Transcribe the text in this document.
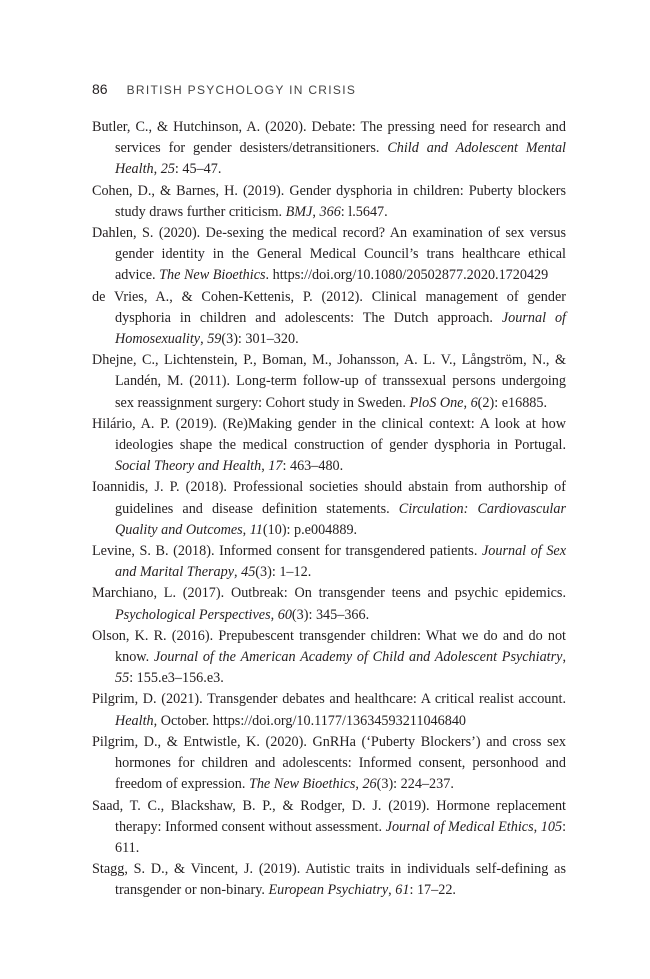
86 BRITISH PSYCHOLOGY IN CRISIS

Butler, C., & Hutchinson, A. (2020). Debate: The pressing need for research and services for gender desisters/detransitioners. Child and Adolescent Mental Health, 25: 45–47.

Cohen, D., & Barnes, H. (2019). Gender dysphoria in children: Puberty blockers study draws further criticism. BMJ, 366: l.5647.

Dahlen, S. (2020). De-sexing the medical record? An examination of sex versus gender identity in the General Medical Council’s trans healthcare ethical advice. The New Bioethics. https://doi.org/10.1080/20502877.2020.1720429

de Vries, A., & Cohen-Kettenis, P. (2012). Clinical management of gender dysphoria in children and adolescents: The Dutch approach. Journal of Homosexuality, 59(3): 301–320.

Dhejne, C., Lichtenstein, P., Boman, M., Johansson, A. L. V., Långström, N., & Landén, M. (2011). Long-term follow-up of transsexual persons undergoing sex reassignment surgery: Cohort study in Sweden. PloS One, 6(2): e16885.

Hilário, A. P. (2019). (Re)Making gender in the clinical context: A look at how ideologies shape the medical construction of gender dysphoria in Portugal. Social Theory and Health, 17: 463–480.

Ioannidis, J. P. (2018). Professional societies should abstain from authorship of guidelines and disease definition statements. Circulation: Cardiovascular Quality and Outcomes, 11(10): p.e004889.

Levine, S. B. (2018). Informed consent for transgendered patients. Journal of Sex and Marital Therapy, 45(3): 1–12.

Marchiano, L. (2017). Outbreak: On transgender teens and psychic epidemics. Psychological Perspectives, 60(3): 345–366.

Olson, K. R. (2016). Prepubescent transgender children: What we do and do not know. Journal of the American Academy of Child and Adolescent Psychiatry, 55: 155.e3–156.e3.

Pilgrim, D. (2021). Transgender debates and healthcare: A critical realist account. Health, October. https://doi.org/10.1177/13634593211046840

Pilgrim, D., & Entwistle, K. (2020). GnRHa (‘Puberty Blockers’) and cross sex hormones for children and adolescents: Informed consent, personhood and freedom of expression. The New Bioethics, 26(3): 224–237.

Saad, T. C., Blackshaw, B. P., & Rodger, D. J. (2019). Hormone replacement therapy: Informed consent without assessment. Journal of Medical Ethics, 105: 611.

Stagg, S. D., & Vincent, J. (2019). Autistic traits in individuals self-defining as transgender or non-binary. European Psychiatry, 61: 17–22.
